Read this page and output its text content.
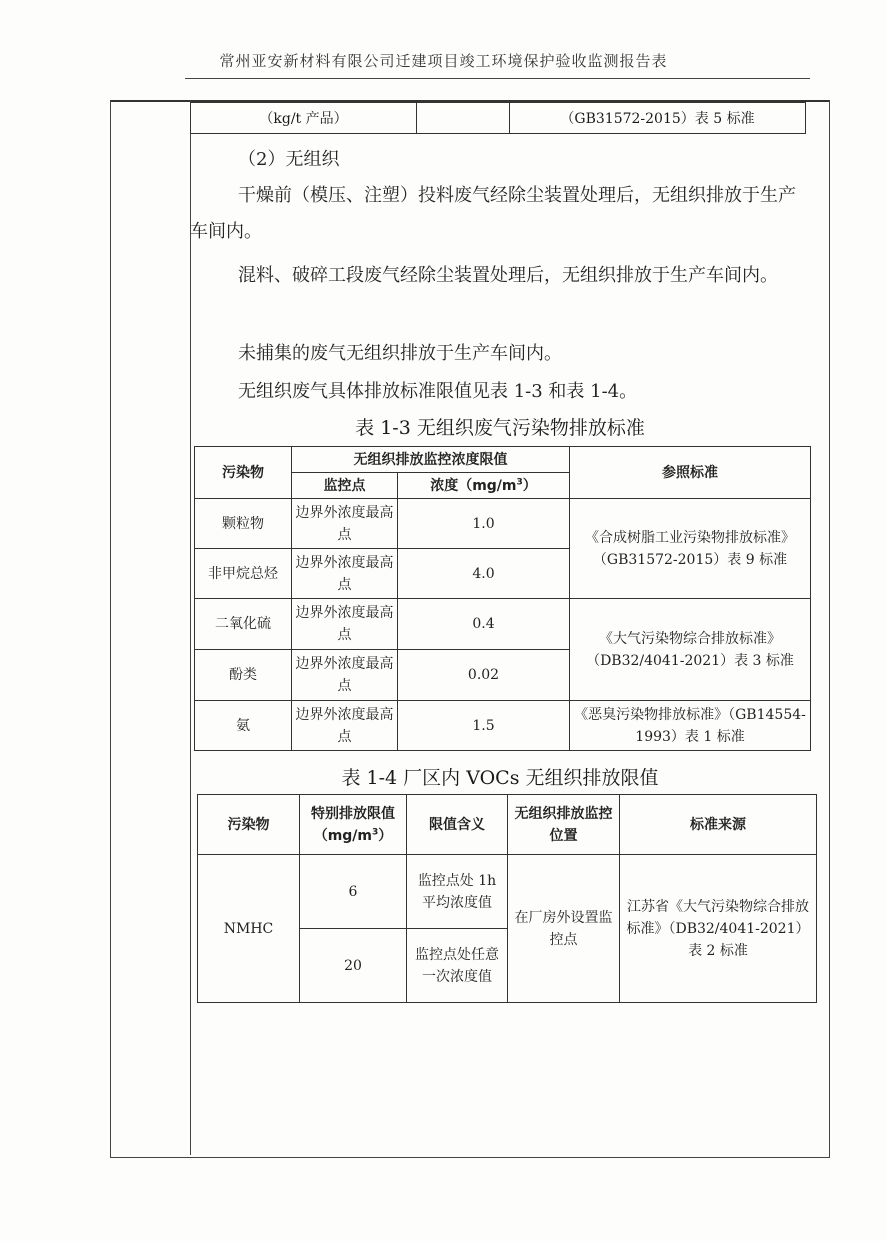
常州亚安新材料有限公司迁建项目竣工环境保护验收监测报告表
（kg/t 产品）		（GB31572-2015）表 5 标准
（2）无组织
干燥前（模压、注塑）投料废气经除尘装置处理后，无组织排放于生产车间内。
混料、破碎工段废气经除尘装置处理后，无组织排放于生产车间内。
未捕集的废气无组织排放于生产车间内。
无组织废气具体排放标准限值见表 1-3 和表 1-4。
表 1-3 无组织废气污染物排放标准
污染物	无组织排放监控浓度限值		参照标准
	监控点	浓度$(mg/m^3)$	
颗粒物	边界外浓度最高点	1.0	《合成树脂工业污染物排放标准》（GB31572-2015）表 9 标准
非甲烷总烃	边界外浓度最高点	4.0	
二氧化硫	边界外浓度最高点	0.4	《大气污染物综合排放标准》（DB32/4041-2021）表 3 标准
酚类	边界外浓度最高点	0.02	
氨	边界外浓度最高点	1.5	《恶臭污染物排放标准》（GB14554-1993）表 1 标准
表 1-4 厂区内 VOCs 无组织排放限值
污染物	特别排放限值$(mg/m^3)$	限值含义	无组织排放监控位置	标准来源
NMHC	6	监控点处 1h 平均浓度值	在厂房外设置监控点	江苏省《大气污染物综合排放标准》（DB32/4041-2021）表 2 标准
	20	监控点处任意一次浓度值		
